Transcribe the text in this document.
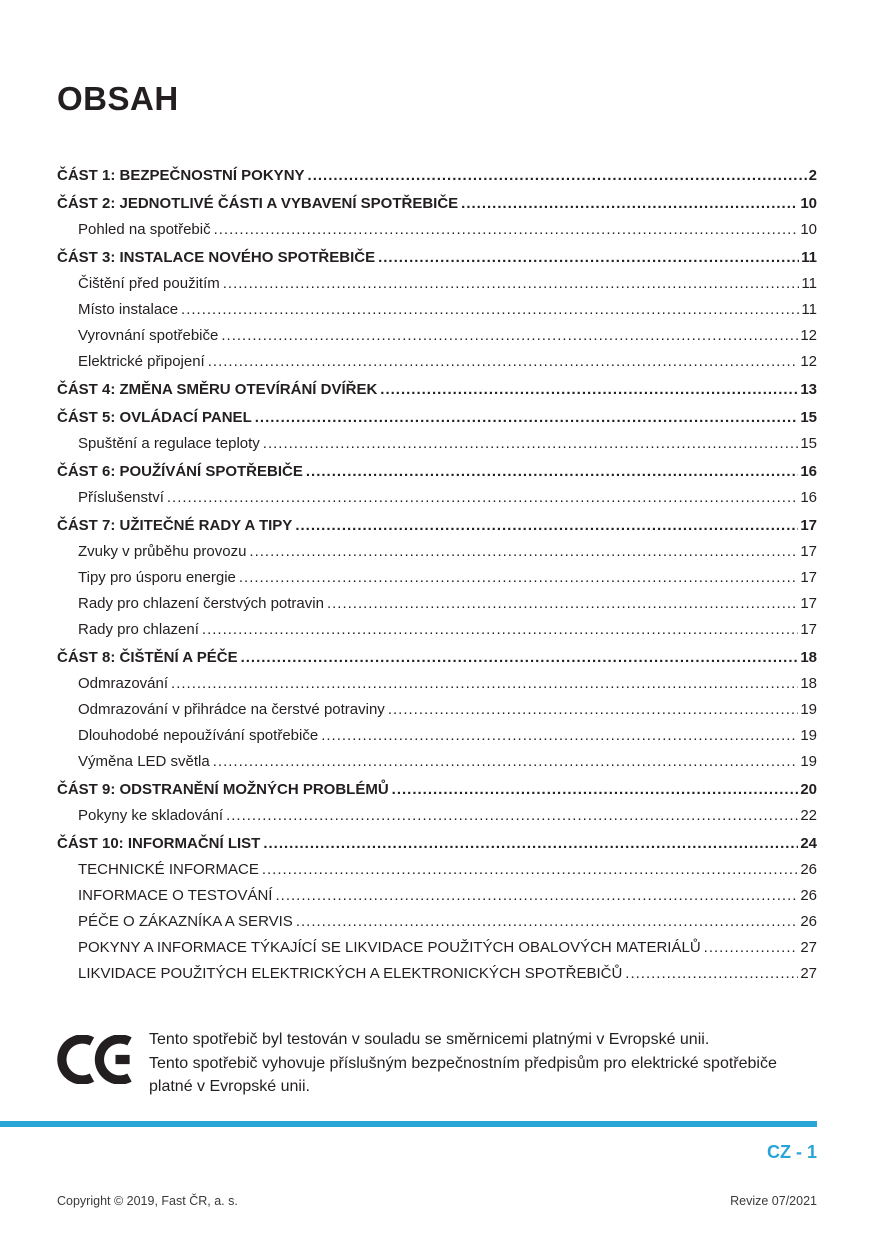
OBSAH
ČÁST 1: BEZPEČNOSTNÍ POKYNY .....	2
ČÁST 2: JEDNOTLIVÉ ČÁSTI A VYBAVENÍ SPOTŘEBIČE .....	10
Pohled na spotřebič .....	10
ČÁST 3: INSTALACE NOVÉHO SPOTŘEBIČE .....	11
Čištění před použitím .....	11
Místo instalace .....	11
Vyrovnání spotřebiče .....	12
Elektrické připojení .....	12
ČÁST 4: ZMĚNA SMĚRU OTEVÍRÁNÍ DVÍŘEK .....	13
ČÁST 5: OVLÁDACÍ PANEL .....	15
Spuštění a regulace teploty .....	15
ČÁST 6: POUŽÍVÁNÍ SPOTŘEBIČE .....	16
Příslušenství .....	16
ČÁST 7: UŽITEČNÉ RADY A TIPY .....	17
Zvuky v průběhu provozu .....	17
Tipy pro úsporu energie .....	17
Rady pro chlazení čerstvých potravin .....	17
Rady pro chlazení .....	17
ČÁST 8: ČIŠTĚNÍ A PÉČE .....	18
Odmrazování .....	18
Odmrazování v přihrádce na čerstvé potraviny .....	19
Dlouhodobé nepoužívání spotřebiče .....	19
Výměna LED světla .....	19
ČÁST 9: ODSTRANĚNÍ MOŽNÝCH PROBLÉMŮ .....	20
Pokyny ke skladování .....	22
ČÁST 10: INFORMAČNÍ LIST .....	24
TECHNICKÉ INFORMACE .....	26
INFORMACE O TESTOVÁNÍ .....	26
PÉČE O ZÁKAZNÍKA A SERVIS .....	26
POKYNY A INFORMACE TÝKAJÍCÍ SE LIKVIDACE POUŽITÝCH OBALOVÝCH MATERIÁLŮ .....	27
LIKVIDACE POUŽITÝCH ELEKTRICKÝCH A ELEKTRONICKÝCH SPOTŘEBIČŮ .....	27

Tento spotřebič byl testován v souladu se směrnicemi platnými v Evropské unii.

Tento spotřebič vyhovuje příslušným bezpečnostním předpisům pro elektrické spotřebiče platné v Evropské unii.

CZ - 1
Copyright © 2019, Fast ČR, a. s.	Revize 07/2021
